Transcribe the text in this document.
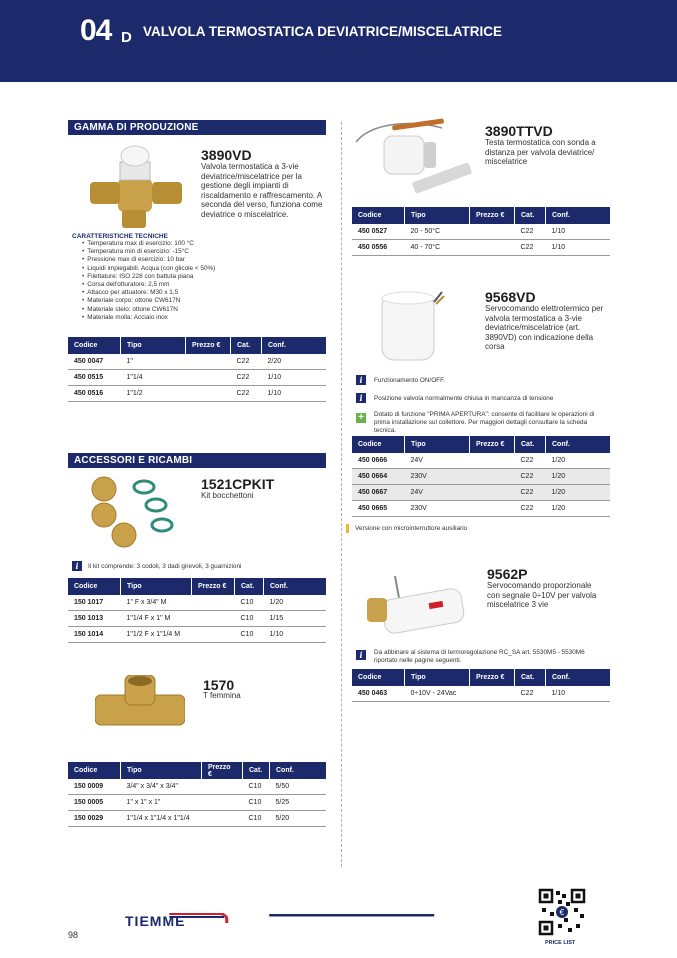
04 D VALVOLA TERMOSTATICA DEVIATRICE/MISCELATRICE
GAMMA DI PRODUZIONE
3890VD
Valvola termostatica a 3-vie deviatrice/miscelatrice per la gestione degli impianti di riscaldamento e raffrescamento. A seconda del verso, funziona come deviatrice o miscelatrice.
CARATTERISTICHE TECNICHE
• Temperatura max di esercizio: 100 °C
• Temperatura min di esercizio: -15°C
• Pressione max di esercizio: 10 bar
• Liquidi impiegabili: Acqua (con glicole < 50%)
• Filettature: ISO 228 con battuta piana
• Corsa dell'otturatore: 2,5 mm
• Attacco per attuatore: M30 x 1,5
• Materiale corpo: ottone CW617N
• Materiale stelo: ottone CW617N
• Materiale molla: Acciaio inox
Codice	Tipo	Prezzo €	Cat.	Conf.
450 0047	1"		C22	2/20
450 0515	1"1/4		C22	1/10
450 0516	1"1/2		C22	1/10
ACCESSORI E RICAMBI
1521CPKIT
Kit bocchettoni
i	Il kit comprende: 3 codoli, 3 dadi girevoli, 3 guarnizioni
Codice	Tipo	Prezzo €	Cat.	Conf.
150 1017	1" F x 3/4" M		C10	1/20
150 1013	1"1/4 F x 1" M		C10	1/15
150 1014	1"1/2 F x 1"1/4 M		C10	1/10
1570
T femmina
Codice	Tipo	Prezzo €	Cat.	Conf.
150 0009	3/4" x 3/4" x 3/4"		C10	5/50
150 0005	1" x 1" x 1"		C10	5/25
150 0029	1"1/4 x 1"1/4 x 1"1/4		C10	5/20
3890TTVD
Testa termostatica con sonda a distanza per valvola deviatrice/ miscelatrice
Codice	Tipo	Prezzo €	Cat.	Conf.
450 0527	20 - 50°C		C22	1/10
450 0556	40 - 70°C		C22	1/10
9568VD
Servocomando elettrotermico per valvola termostatica a 3-vie deviatrice/miscelatrice (art. 3890VD) con indicazione della corsa
i	Funzionamento ON/OFF.
i	Posizione valvola normalmente chiusa in mancanza di tensione
+	Dotato di funzione "PRIMA APERTURA": consente di facilitare le operazioni di prima installazione sul collettore. Per maggiori dettagli consultare la scheda tecnica.
Codice	Tipo	Prezzo €	Cat.	Conf.
450 0666	24V		C22	1/20
450 0664	230V		C22	1/20
450 0667	24V		C22	1/20
450 0665	230V		C22	1/20
Versione con microinterruttore ausiliario
9562P
Servocomando proporzionale con segnale 0÷10V per valvola miscelatrice 3 vie
i	Da abbinare al sistema di termoregolazione RC_SA art. 5530M5 - 5530M6 riportato nelle pagine seguenti.
Codice	Tipo	Prezzo €	Cat.	Conf.
450 0463	0÷10V - 24Vac		C22	1/10
TIEMME
98
€
PRICE LIST
